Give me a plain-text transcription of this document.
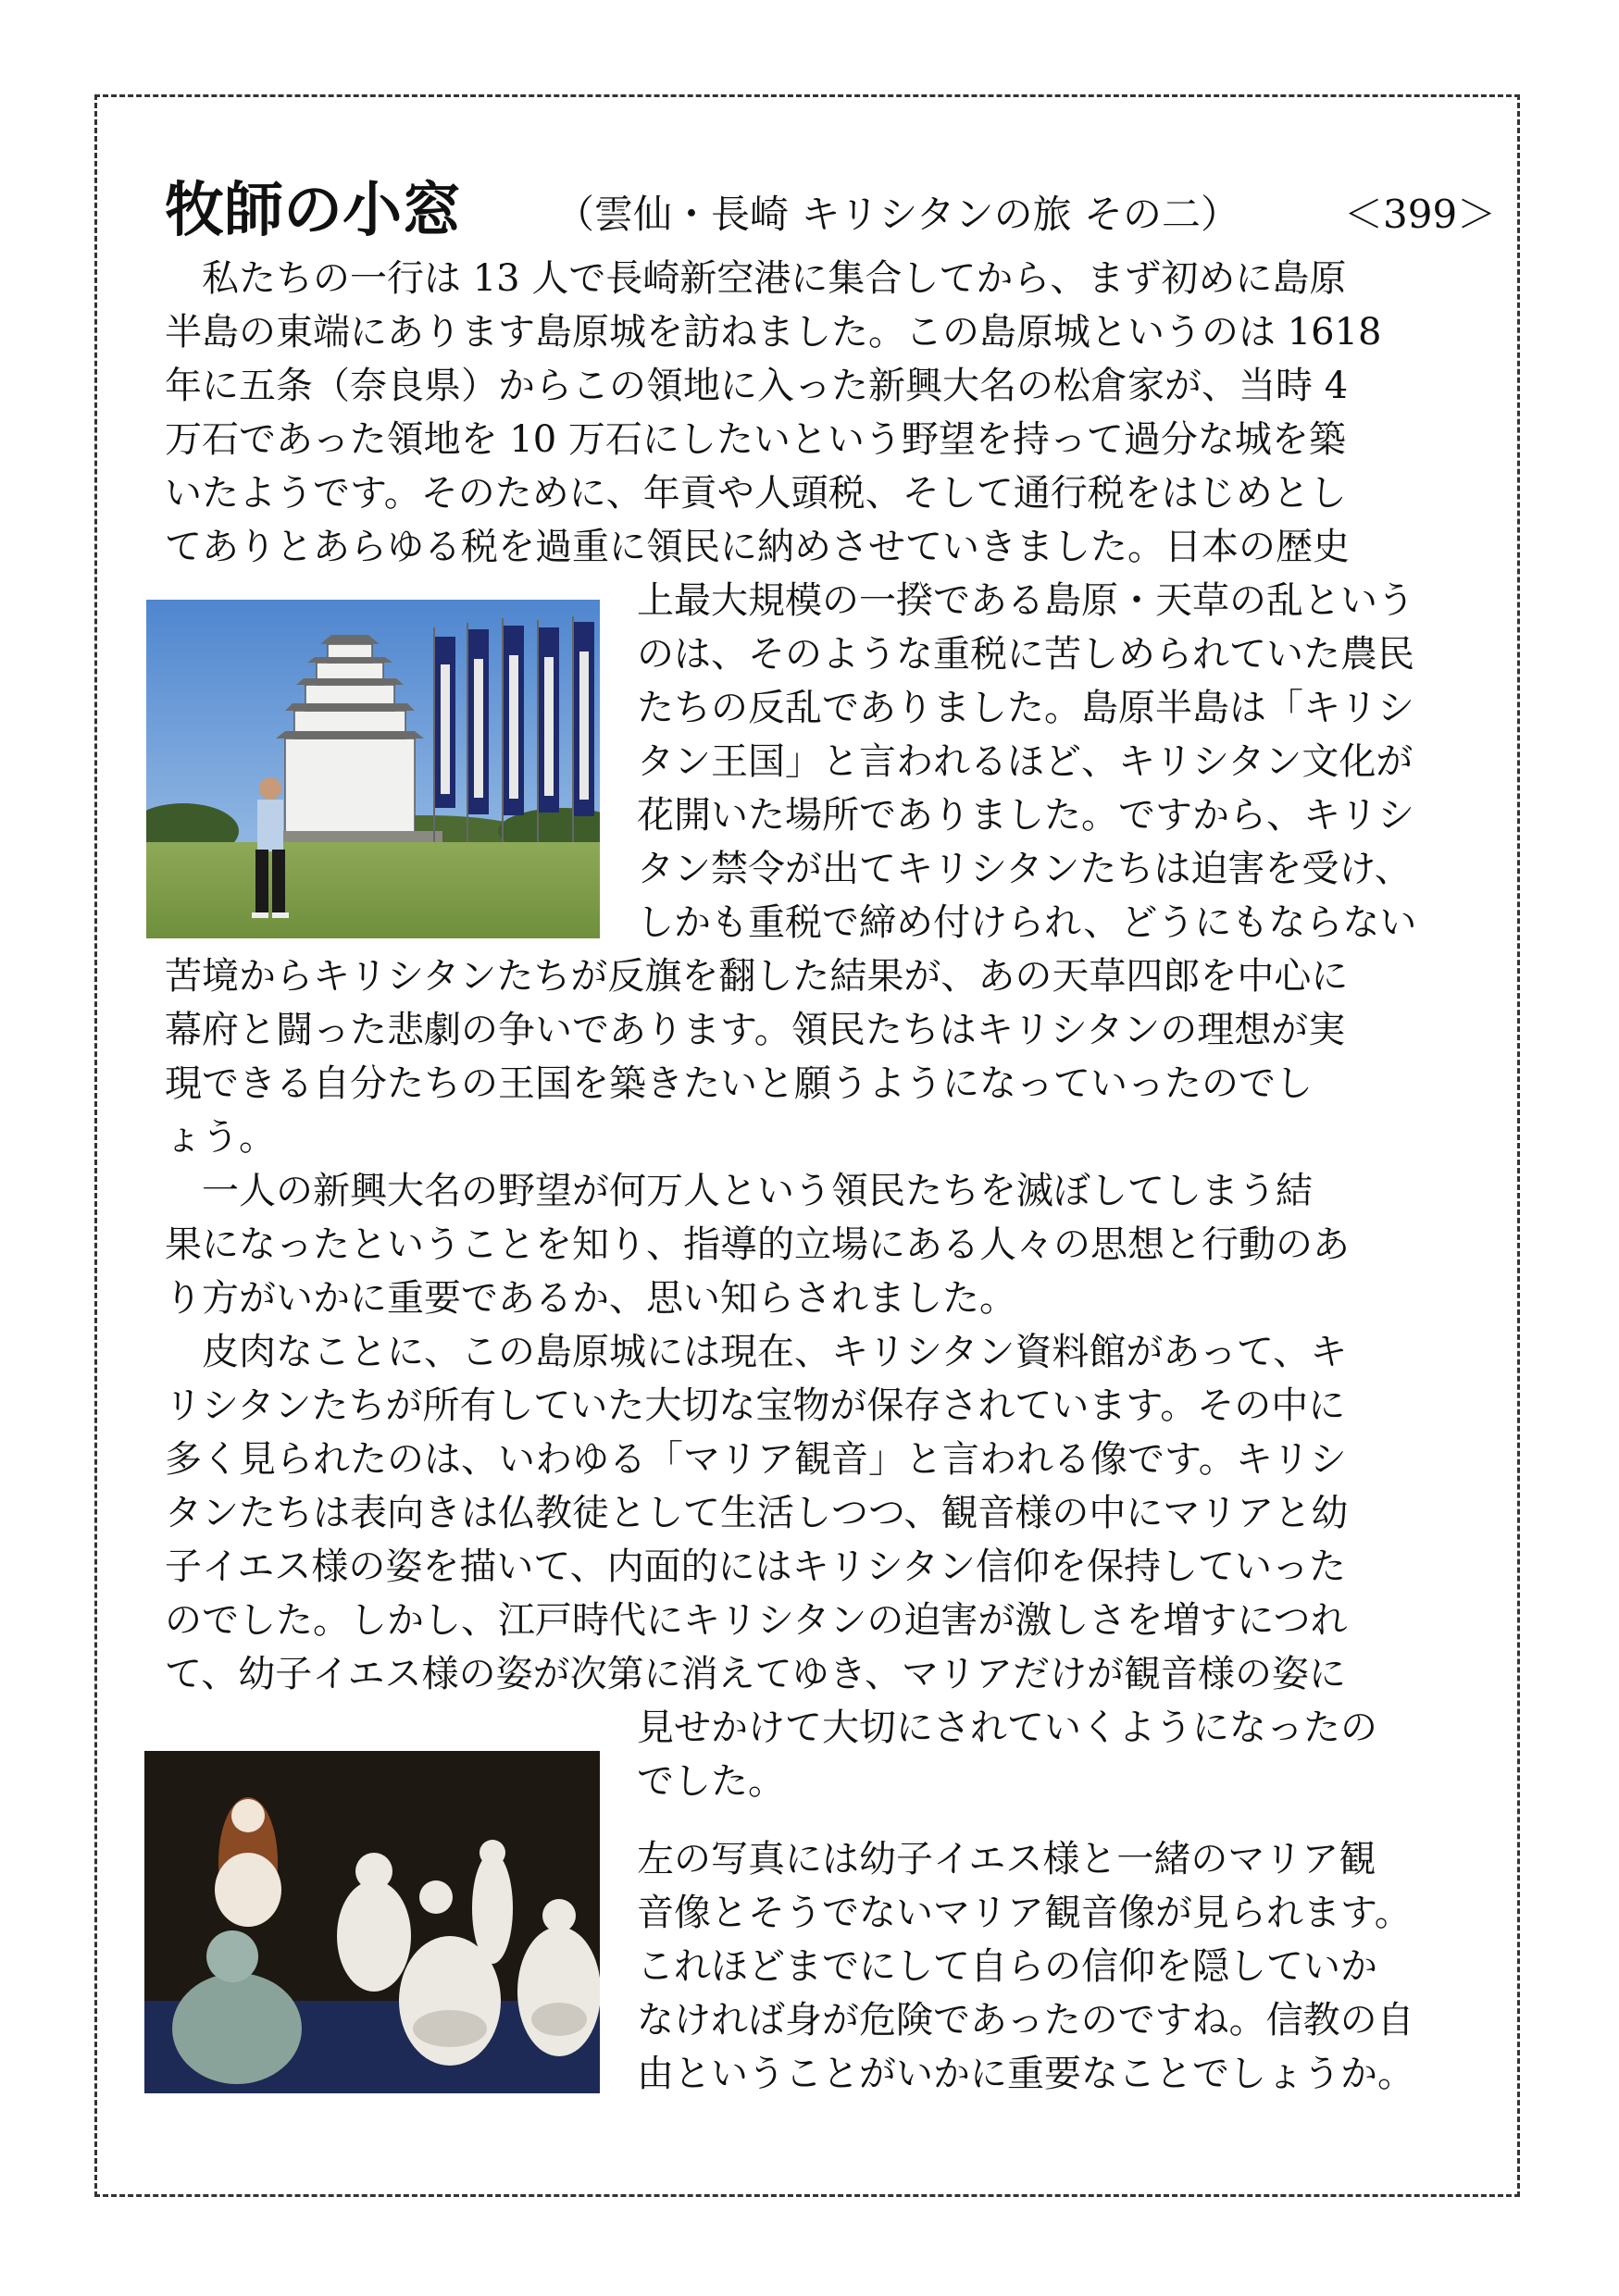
牧師の小窓 （雲仙・長崎 キリシタンの旅 その二）	＜399＞
　私たちの一行は 13 人で長崎新空港に集合してから、まず初めに島原
半島の東端にあります島原城を訪ねました。この島原城というのは 1618
年に五条（奈良県）からこの領地に入った新興大名の松倉家が、当時 4
万石であった領地を 10 万石にしたいという野望を持って過分な城を築
いたようです。そのために、年貢や人頭税、そして通行税をはじめとし
てありとあらゆる税を過重に領民に納めさせていきました。日本の歴史
上最大規模の一揆である島原・天草の乱という
のは、そのような重税に苦しめられていた農民
たちの反乱でありました。島原半島は「キリシ
タン王国」と言われるほど、キリシタン文化が
花開いた場所でありました。ですから、キリシ
タン禁令が出てキリシタンたちは迫害を受け、
しかも重税で締め付けられ、どうにもならない
苦境からキリシタンたちが反旗を翻した結果が、あの天草四郎を中心に
幕府と闘った悲劇の争いであります。領民たちはキリシタンの理想が実
現できる自分たちの王国を築きたいと願うようになっていったのでし
ょう。
　一人の新興大名の野望が何万人という領民たちを滅ぼしてしまう結
果になったということを知り、指導的立場にある人々の思想と行動のあ
り方がいかに重要であるか、思い知らされました。
　皮肉なことに、この島原城には現在、キリシタン資料館があって、キ
リシタンたちが所有していた大切な宝物が保存されています。その中に
多く見られたのは、いわゆる「マリア観音」と言われる像です。キリシ
タンたちは表向きは仏教徒として生活しつつ、観音様の中にマリアと幼
子イエス様の姿を描いて、内面的にはキリシタン信仰を保持していった
のでした。しかし、江戸時代にキリシタンの迫害が激しさを増すにつれ
て、幼子イエス様の姿が次第に消えてゆき、マリアだけが観音様の姿に
見せかけて大切にされていくようになったの
でした。
左の写真には幼子イエス様と一緒のマリア観
音像とそうでないマリア観音像が見られます。
これほどまでにして自らの信仰を隠していか
なければ身が危険であったのですね。信教の自
由ということがいかに重要なことでしょうか。
